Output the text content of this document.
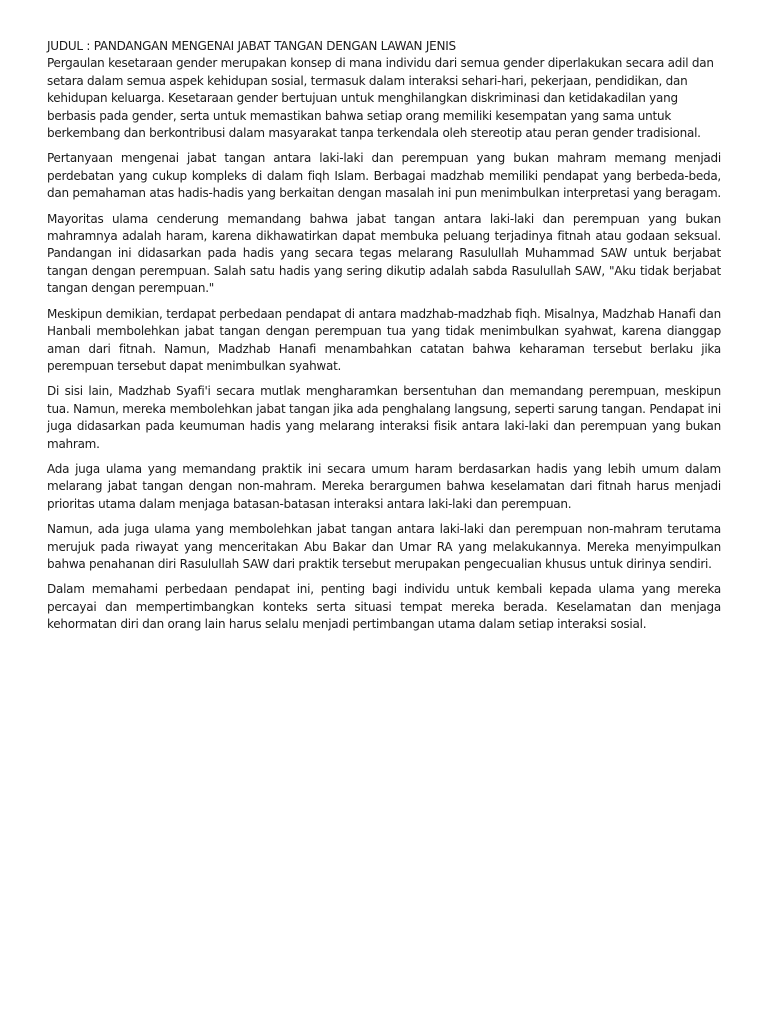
JUDUL : PANDANGAN MENGENAI JABAT TANGAN DENGAN LAWAN JENIS

Pergaulan kesetaraan gender merupakan konsep di mana individu dari semua gender diperlakukan secara adil dan setara dalam semua aspek kehidupan sosial, termasuk dalam interaksi sehari-hari, pekerjaan, pendidikan, dan kehidupan keluarga. Kesetaraan gender bertujuan untuk menghilangkan diskriminasi dan ketidakadilan yang berbasis pada gender, serta untuk memastikan bahwa setiap orang memiliki kesempatan yang sama untuk berkembang dan berkontribusi dalam masyarakat tanpa terkendala oleh stereotip atau peran gender tradisional.

Pertanyaan mengenai jabat tangan antara laki-laki dan perempuan yang bukan mahram memang menjadi perdebatan yang cukup kompleks di dalam fiqh Islam. Berbagai madzhab memiliki pendapat yang berbeda-beda, dan pemahaman atas hadis-hadis yang berkaitan dengan masalah ini pun menimbulkan interpretasi yang beragam.

Mayoritas ulama cenderung memandang bahwa jabat tangan antara laki-laki dan perempuan yang bukan mahramnya adalah haram, karena dikhawatirkan dapat membuka peluang terjadinya fitnah atau godaan seksual. Pandangan ini didasarkan pada hadis yang secara tegas melarang Rasulullah Muhammad SAW untuk berjabat tangan dengan perempuan. Salah satu hadis yang sering dikutip adalah sabda Rasulullah SAW, "Aku tidak berjabat tangan dengan perempuan."

Meskipun demikian, terdapat perbedaan pendapat di antara madzhab-madzhab fiqh. Misalnya, Madzhab Hanafi dan Hanbali membolehkan jabat tangan dengan perempuan tua yang tidak menimbulkan syahwat, karena dianggap aman dari fitnah. Namun, Madzhab Hanafi menambahkan catatan bahwa keharaman tersebut berlaku jika perempuan tersebut dapat menimbulkan syahwat.

Di sisi lain, Madzhab Syafi'i secara mutlak mengharamkan bersentuhan dan memandang perempuan, meskipun tua. Namun, mereka membolehkan jabat tangan jika ada penghalang langsung, seperti sarung tangan. Pendapat ini juga didasarkan pada keumuman hadis yang melarang interaksi fisik antara laki-laki dan perempuan yang bukan mahram.

Ada juga ulama yang memandang praktik ini secara umum haram berdasarkan hadis yang lebih umum dalam melarang jabat tangan dengan non-mahram. Mereka berargumen bahwa keselamatan dari fitnah harus menjadi prioritas utama dalam menjaga batasan-batasan interaksi antara laki-laki dan perempuan.

Namun, ada juga ulama yang membolehkan jabat tangan antara laki-laki dan perempuan non-mahram terutama merujuk pada riwayat yang menceritakan Abu Bakar dan Umar RA yang melakukannya. Mereka menyimpulkan bahwa penahanan diri Rasulullah SAW dari praktik tersebut merupakan pengecualian khusus untuk dirinya sendiri.

Dalam memahami perbedaan pendapat ini, penting bagi individu untuk kembali kepada ulama yang mereka percayai dan mempertimbangkan konteks serta situasi tempat mereka berada. Keselamatan dan menjaga kehormatan diri dan orang lain harus selalu menjadi pertimbangan utama dalam setiap interaksi sosial.
